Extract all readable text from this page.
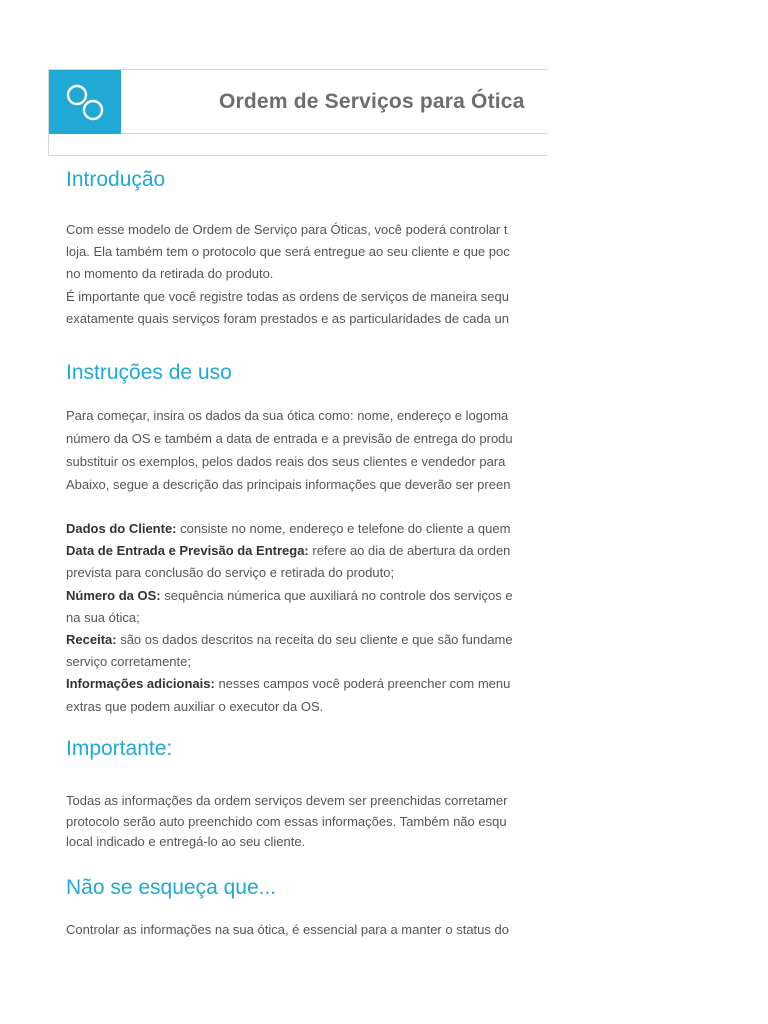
Ordem de Serviços para Ótica
Introdução

Com esse modelo de Ordem de Serviço para Óticas, você poderá controlar t
loja. Ela também tem o protocolo que será entregue ao seu cliente e que poc
no momento da retirada do produto.
É importante que você registre todas as ordens de serviços de maneira sequ
exatamente quais serviços foram prestados e as particularidades de cada un

Instruções de uso

Para começar, insira os dados da sua ótica como: nome, endereço e logoma
número da OS e também a data de entrada e a previsão de entrega do produ
substituir os exemplos, pelos dados reais dos seus clientes e vendedor para
Abaixo, segue a descrição das principais informações que deverão ser preen

Dados do Cliente: consiste no nome, endereço e telefone do cliente a quem
Data de Entrada e Previsão da Entrega: refere ao dia de abertura da orden
prevista para conclusão do serviço e retirada do produto;
Número da OS: sequência númerica que auxiliará no controle dos serviços e
na sua ótica;
Receita: são os dados descritos na receita do seu cliente e que são fundame
serviço corretamente;
Informações adicionais: nesses campos você poderá preencher com menu
extras que podem auxiliar o executor da OS.
Importante:

Todas as informações da ordem serviços devem ser preenchidas corretamer
protocolo serão auto preenchido com essas informações. Também não esqu
local indicado e entregá-lo ao seu cliente.

Não se esqueça que...

Controlar as informações na sua ótica, é essencial para a manter o status do
